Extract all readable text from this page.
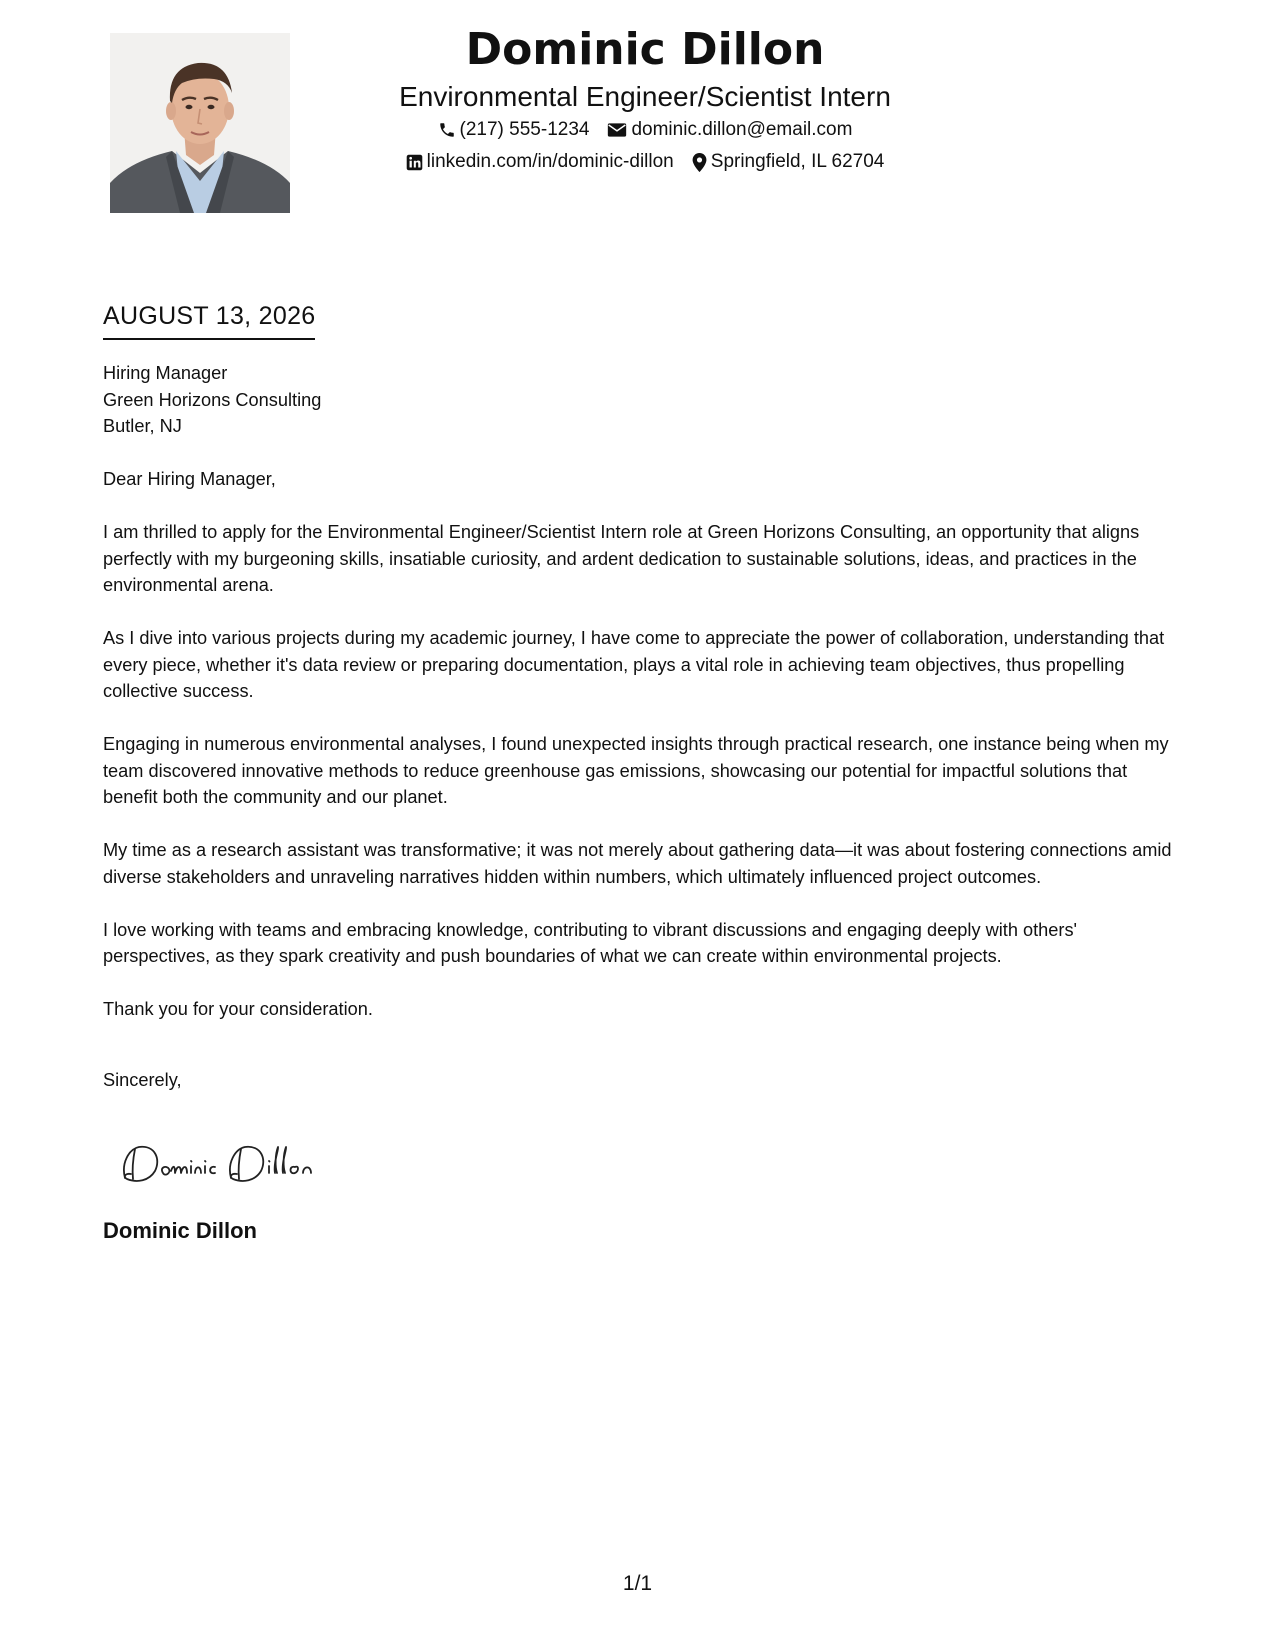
Dominic Dillon
Environmental Engineer/Scientist Intern
(217) 555-1234 dominic.dillon@email.com
linkedin.com/in/dominic-dillon Springfield, IL 62704
AUGUST 13, 2026

Hiring Manager
Green Horizons Consulting
Butler, NJ

Dear Hiring Manager,

I am thrilled to apply for the Environmental Engineer/Scientist Intern role at Green Horizons Consulting, an opportunity that aligns perfectly with my burgeoning skills, insatiable curiosity, and ardent dedication to sustainable solutions, ideas, and practices in the environmental arena.

As I dive into various projects during my academic journey, I have come to appreciate the power of collaboration, understanding that every piece, whether it's data review or preparing documentation, plays a vital role in achieving team objectives, thus propelling collective success.

Engaging in numerous environmental analyses, I found unexpected insights through practical research, one instance being when my team discovered innovative methods to reduce greenhouse gas emissions, showcasing our potential for impactful solutions that benefit both the community and our planet.

My time as a research assistant was transformative; it was not merely about gathering data—it was about fostering connections amid diverse stakeholders and unraveling narratives hidden within numbers, which ultimately influenced project outcomes.

I love working with teams and embracing knowledge, contributing to vibrant discussions and engaging deeply with others' perspectives, as they spark creativity and push boundaries of what we can create within environmental projects.

Thank you for your consideration.

Sincerely,

Dominic Dillon
1/1
